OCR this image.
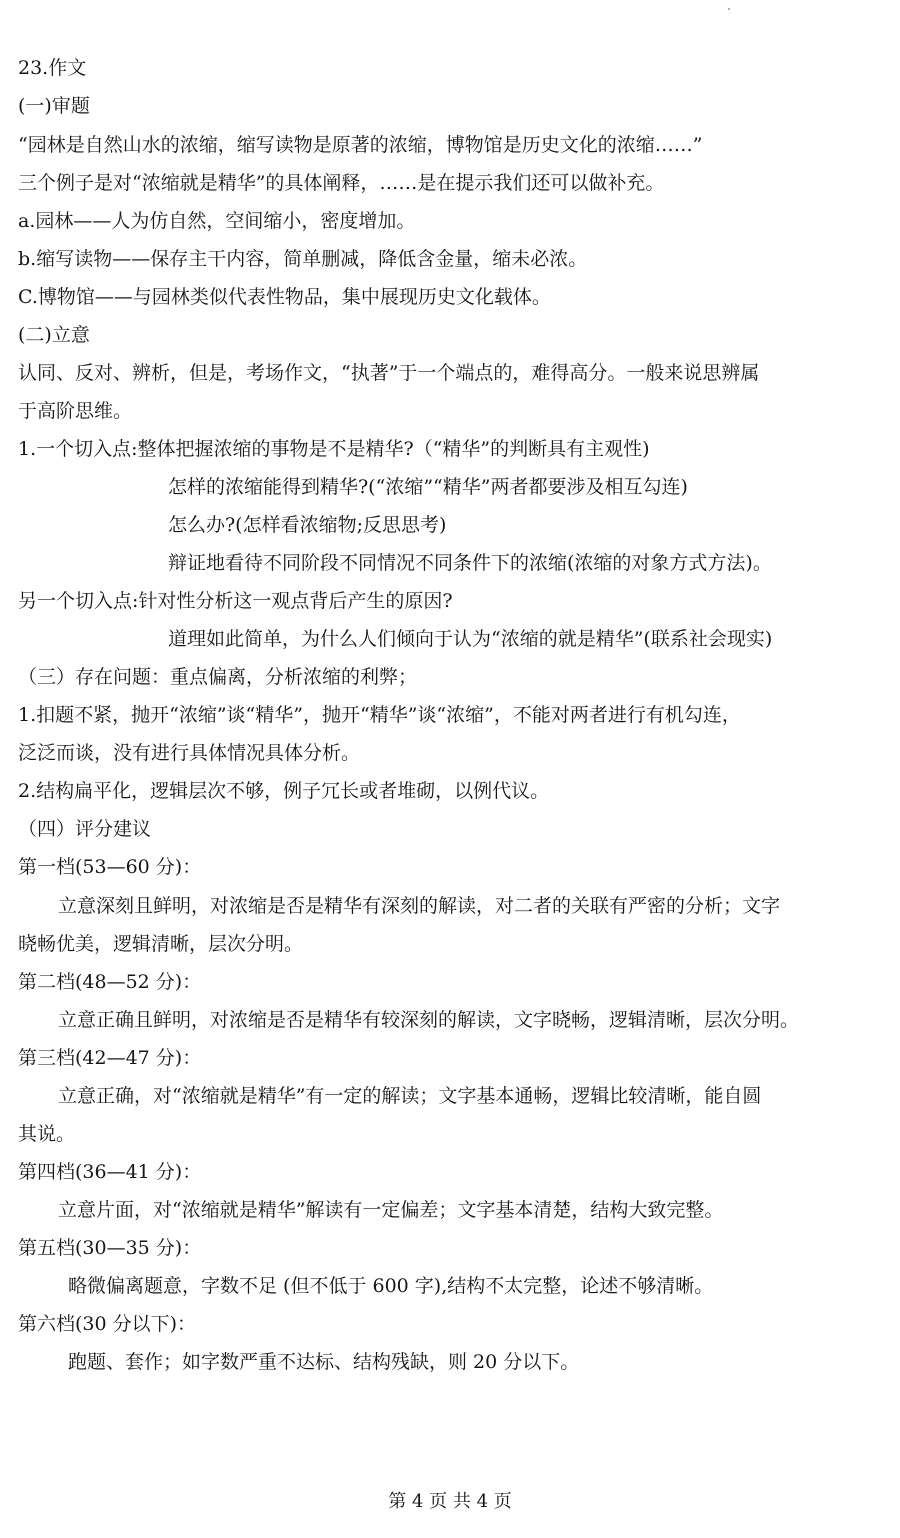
23.作文
(一)审题
“园林是自然山水的浓缩，缩写读物是原著的浓缩，博物馆是历史文化的浓缩……”
三个例子是对“浓缩就是精华”的具体阐释，……是在提示我们还可以做补充。
a.园林——人为仿自然，空间缩小，密度增加。
b.缩写读物——保存主干内容，简单删减，降低含金量，缩未必浓。
C.博物馆——与园林类似代表性物品，集中展现历史文化载体。
(二)立意
认同、反对、辨析，但是，考场作文，“执著”于一个端点的，难得高分。一般来说思辨属
于高阶思维。
1.一个切入点:整体把握浓缩的事物是不是精华?（“精华”的判断具有主观性)
怎样的浓缩能得到精华?(“浓缩”“精华”两者都要涉及相互勾连)
怎么办?(怎样看浓缩物;反思思考)
辩证地看待不同阶段不同情况不同条件下的浓缩(浓缩的对象方式方法)。
另一个切入点:针对性分析这一观点背后产生的原因?
道理如此简单，为什么人们倾向于认为“浓缩的就是精华”(联系社会现实)
（三）存在问题：重点偏离，分析浓缩的利弊；
1.扣题不紧，抛开“浓缩”谈“精华”，抛开“精华”谈“浓缩”，不能对两者进行有机勾连，
泛泛而谈，没有进行具体情况具体分析。
2.结构扁平化，逻辑层次不够，例子冗长或者堆砌，以例代议。
（四）评分建议
第一档(53—60 分)：
立意深刻且鲜明，对浓缩是否是精华有深刻的解读，对二者的关联有严密的分析；文字
晓畅优美，逻辑清晰，层次分明。
第二档(48—52 分)：
立意正确且鲜明，对浓缩是否是精华有较深刻的解读，文字晓畅，逻辑清晰，层次分明。
第三档(42—47 分)：
立意正确，对“浓缩就是精华”有一定的解读；文字基本通畅，逻辑比较清晰，能自圆
其说。
第四档(36—41 分)：
立意片面，对“浓缩就是精华”解读有一定偏差；文字基本清楚，结构大致完整。
第五档(30—35 分)：
略微偏离题意，字数不足 (但不低于 600 字),结构不太完整，论述不够清晰。
第六档(30 分以下)：
跑题、套作；如字数严重不达标、结构残缺，则 20 分以下。
第 4 页 共 4 页
